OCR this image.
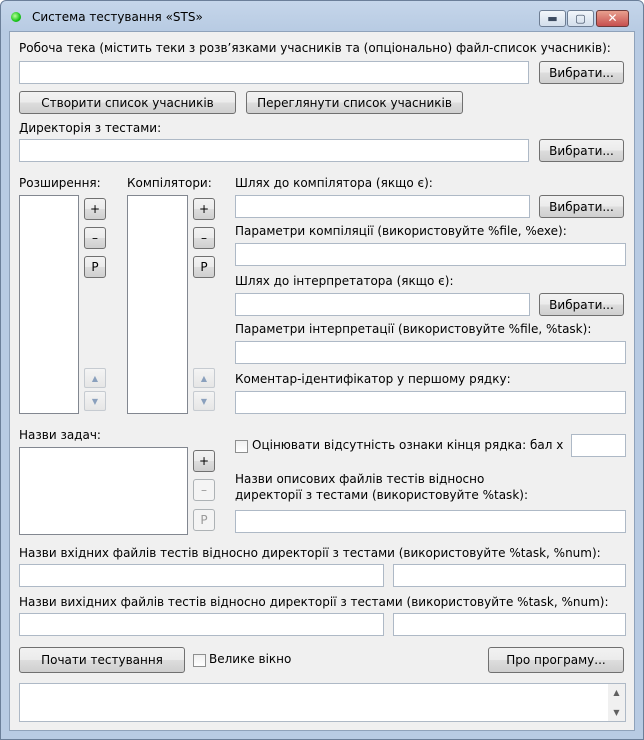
Система тестування «STS»	▬	▢	✕
Робоча тека (містить теки з розв’язками учасників та (опціонально) файл-список учасників):
Вибрати...
Створити список учасників	Переглянути список учасників
Директорія з тестами:
Вибрати...
Розширення:
+
–
P
▲
▼
Компілятори:
+
–
P
▲
▼
Шлях до компілятора (якщо є):
Вибрати...
Параметри компіляції (використовуйте %file, %exe):
Шлях до інтерпретатора (якщо є):
Вибрати...
Параметри інтерпретації (використовуйте %file, %task):
Коментар-ідентифікатор у першому рядку:
Назви задач:
+
–
P
Оцінювати відсутність ознаки кінця рядка: бал x
Назви описових файлів тестів відносно
директорії з тестами (використовуйте %task):
Назви вхідних файлів тестів відносно директорії з тестами (використовуйте %task, %num):
Назви вихідних файлів тестів відносно директорії з тестами (використовуйте %task, %num):
Почати тестування	Велике вікно	Про програму...
▲
▼
